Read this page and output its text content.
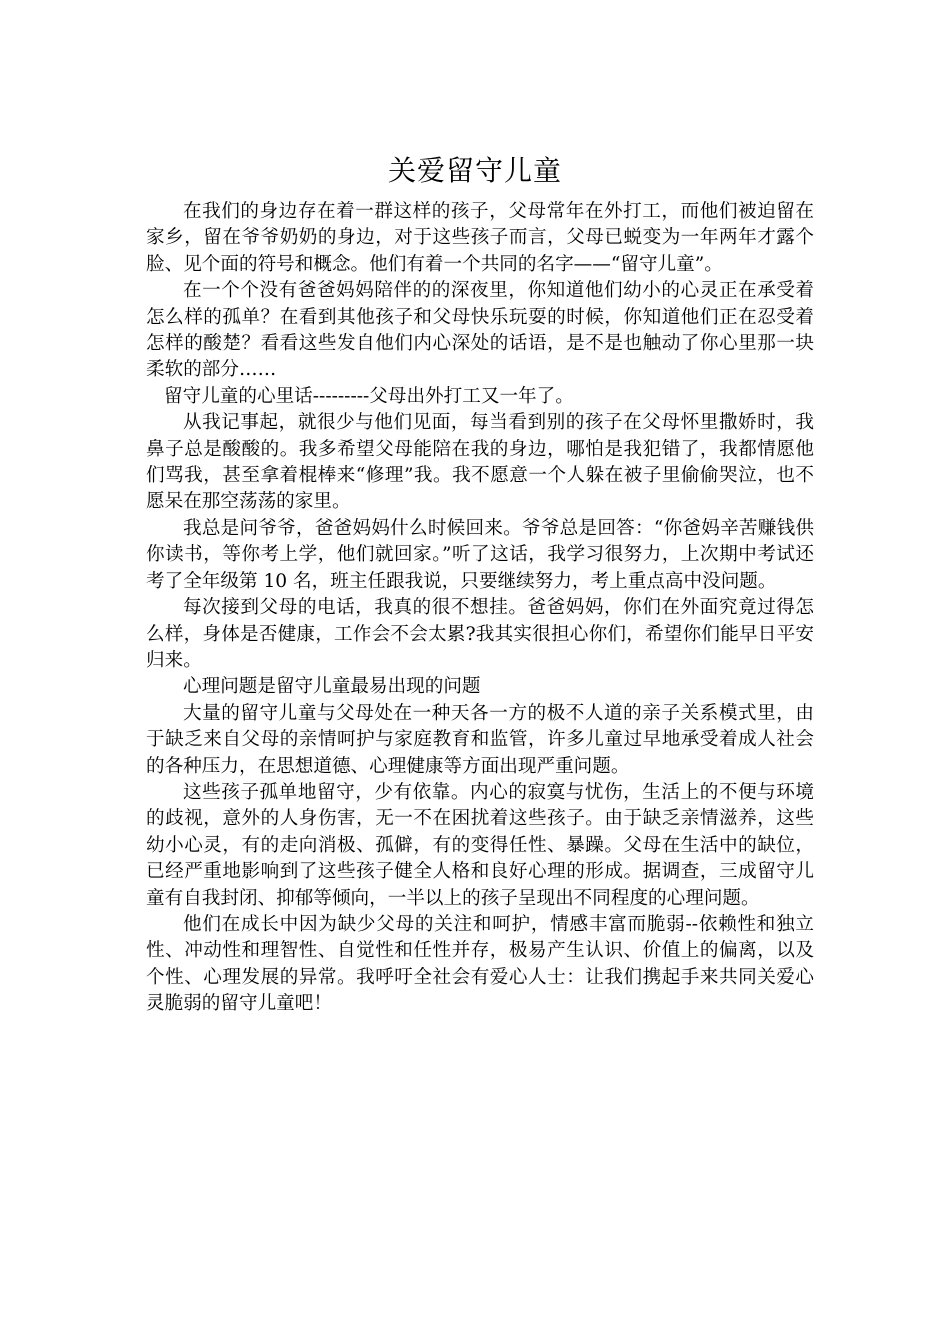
关爱留守儿童

在我们的身边存在着一群这样的孩子，父母常年在外打工，而他们被迫留在家乡，留在爷爷奶奶的身边，对于这些孩子而言，父母已蜕变为一年两年才露个脸、见个面的符号和概念。他们有着一个共同的名字——“留守儿童”。

在一个个没有爸爸妈妈陪伴的的深夜里，你知道他们幼小的心灵正在承受着怎么样的孤单？在看到其他孩子和父母快乐玩耍的时候，你知道他们正在忍受着怎样的酸楚？看看这些发自他们内心深处的话语，是不是也触动了你心里那一块柔软的部分……

留守儿童的心里话---------父母出外打工又一年了。

从我记事起，就很少与他们见面，每当看到别的孩子在父母怀里撒娇时，我鼻子总是酸酸的。我多希望父母能陪在我的身边，哪怕是我犯错了，我都情愿他们骂我，甚至拿着棍棒来“修理”我。我不愿意一个人躲在被子里偷偷哭泣，也不愿呆在那空荡荡的家里。

我总是问爷爷，爸爸妈妈什么时候回来。爷爷总是回答：“你爸妈辛苦赚钱供你读书，等你考上学，他们就回家。”听了这话，我学习很努力，上次期中考试还考了全年级第 10 名，班主任跟我说，只要继续努力，考上重点高中没问题。

每次接到父母的电话，我真的很不想挂。爸爸妈妈，你们在外面究竟过得怎么样，身体是否健康，工作会不会太累?我其实很担心你们，希望你们能早日平安归来。

心理问题是留守儿童最易出现的问题

大量的留守儿童与父母处在一种天各一方的极不人道的亲子关系模式里，由于缺乏来自父母的亲情呵护与家庭教育和监管，许多儿童过早地承受着成人社会的各种压力，在思想道德、心理健康等方面出现严重问题。

这些孩子孤单地留守，少有依靠。内心的寂寞与忧伤，生活上的不便与环境的歧视，意外的人身伤害，无一不在困扰着这些孩子。由于缺乏亲情滋养，这些幼小心灵，有的走向消极、孤僻，有的变得任性、暴躁。父母在生活中的缺位，已经严重地影响到了这些孩子健全人格和良好心理的形成。据调查，三成留守儿童有自我封闭、抑郁等倾向，一半以上的孩子呈现出不同程度的心理问题。

他们在成长中因为缺少父母的关注和呵护，情感丰富而脆弱--依赖性和独立性、冲动性和理智性、自觉性和任性并存，极易产生认识、价值上的偏离，以及个性、心理发展的异常。我呼吁全社会有爱心人士：让我们携起手来共同关爱心灵脆弱的留守儿童吧！
